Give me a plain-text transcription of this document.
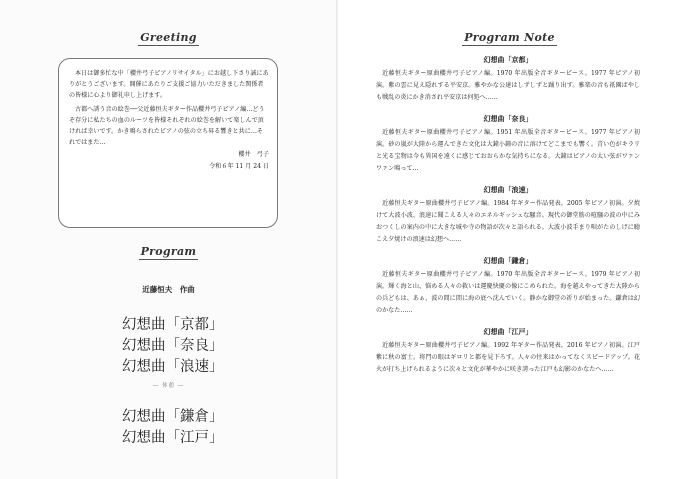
Greeting

本日は御多忙な中「櫻井弓子ピアノリサイタル」にお越し下さり誠にありがとうございます。開催にあたりご支援ご協力いただきました関係者の皆様に心より御礼申し上げます。

古都へ誘う音の絵巻──父近藤恒夫ギター作品櫻井弓子ピアノ編…どうぞ存分に私たちの血のルーツを皆様それぞれの絵巻を解いて楽しんで頂ければ幸いです。かき鳴らされたピアノの弦の立ち昇る響きと共に…それではまた…

櫻井　弓子
令和６年 11 月 24 日
Program
近藤恒夫　作曲
幻想曲「京都」
幻想曲「奈良」
幻想曲「浪速」
― 休憩 ―
幻想曲「鎌倉」
幻想曲「江戸」
Program Note
幻想曲「京都」
近藤恒夫ギター原曲櫻井弓子ピアノ編。1970 年出版全音ギターピース。1977 年ピアノ初演。紫の雲に見え隠れする平安京。雅やかな公達はしずしずと踊り出す。雅楽の音も祇園ばやしも戦乱の炎にかき消され平安京は何処へ……
幻想曲「奈良」
近藤恒夫ギター原曲櫻井弓子ピアノ編。1951 年出版全音ギターピース。1977 年ピアノ初演。砂の嵐が大陸から運んできた文化は大鐘小鐘の音に溶けてどこまでも響く。青い色がキラリと光る宝物は今も異国を遠くに感じておおらかな気持ちになる。大鐘はピアノの太い弦がワァンワァン鳴って…
幻想曲「浪速」
近藤恒夫ギター原曲櫻井弓子ピアノ編。1984 年ギター作品発表。2005 年ピアノ初演。夕焼けて大波小波、浪速に聞こえる人々のエネルギッシュな騒音。現代の御堂筋の喧騒の波の中にみおつくしの案内の中に大きな城や寺の物語が次々と語られる。大波小波手まり唄がたのしげに聴こえ夕焼けの浪速は幻想へ……
幻想曲「鎌倉」
近藤恒夫ギター原曲櫻井弓子ピアノ編。1970 年出版全音ギターピース。1979 年ピアノ初演。輝く海と山、悩める人々の救いは運慶快慶の像にこめられた。海を越えやってきた大陸からの兵どもは、あぁ、波の間に間に海の底へ沈んでいく。静かな御堂の祈りが始まった。鎌倉は幻のかなた……
幻想曲「江戸」
近藤恒夫ギター原曲櫻井弓子ピアノ編。1992 年ギター作品発表。2016 年ピアノ初演。江戸紫に秋の富士。将門の眼はギロリと都を見下ろす。人々の往来はかってなくスピードアップ。花火が打ち上げられるように次々と文化が華やかに咲き誇った江戸も幻影のかなたへ……
